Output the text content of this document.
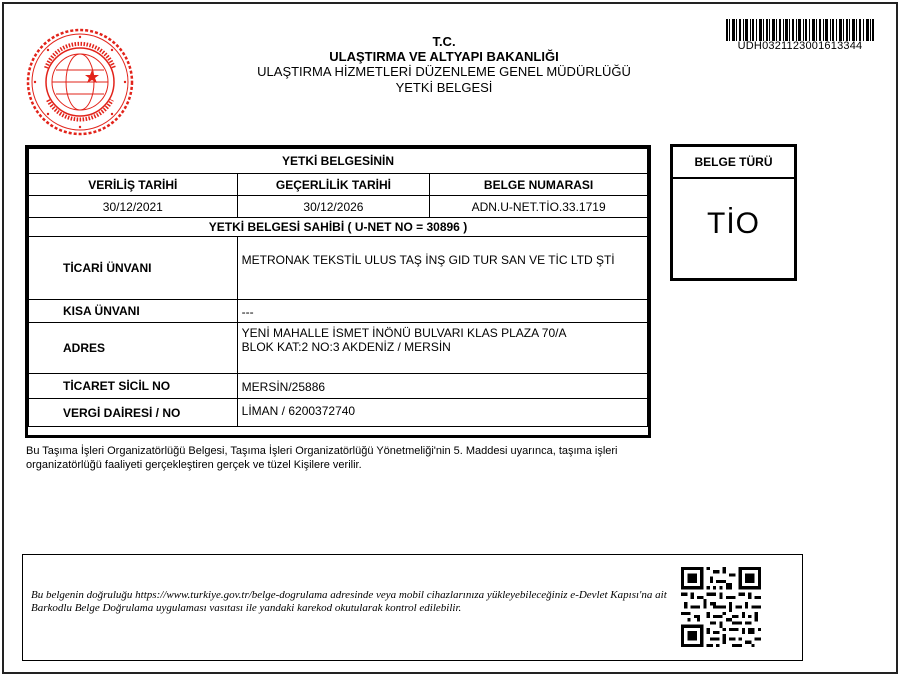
T.C.
ULAŞTIRMA VE ALTYAPI BAKANLIĞI
ULAŞTIRMA HİZMETLERİ DÜZENLEME GENEL MÜDÜRLÜĞÜ
YETKİ BELGESİ
UDH0321123001613344
YETKİ BELGESİNİN		
VERİLİŞ TARİHİ	GEÇERLİLİK TARİHİ	BELGE NUMARASI
30/12/2021	30/12/2026	ADN.U-NET.TİO.33.1719
YETKİ BELGESİ SAHİBİ ( U-NET NO = 30896 )		
TİCARİ ÜNVANI	METRONAK TEKSTİL ULUS TAŞ İNŞ GID TUR SAN VE TİC LTD ŞTİ	
KISA ÜNVANI	---	
ADRES	YENİ MAHALLE İSMET İNÖNÜ BULVARI KLAS PLAZA 70/A
BLOK KAT:2 NO:3 AKDENİZ / MERSİN	

TİCARET SİCİL NO	MERSİN/25886	
VERGİ DAİRESİ / NO	LİMAN / 6200372740	
BELGE TÜRÜ
TİO
Bu Taşıma İşleri Organizatörlüğü Belgesi, Taşıma İşleri Organizatörlüğü Yönetmeliği'nin 5. Maddesi uyarınca, taşıma işleri organizatörlüğü faaliyeti gerçekleştiren gerçek ve tüzel Kişilere verilir.
Bu belgenin doğruluğu https://www.turkiye.gov.tr/belge-dogrulama adresinde veya mobil cihazlarınıza yükleyebileceğiniz e-Devlet Kapısı'na ait Barkodlu Belge Doğrulama uygulaması vasıtası ile yandaki karekod okutularak kontrol edilebilir.
